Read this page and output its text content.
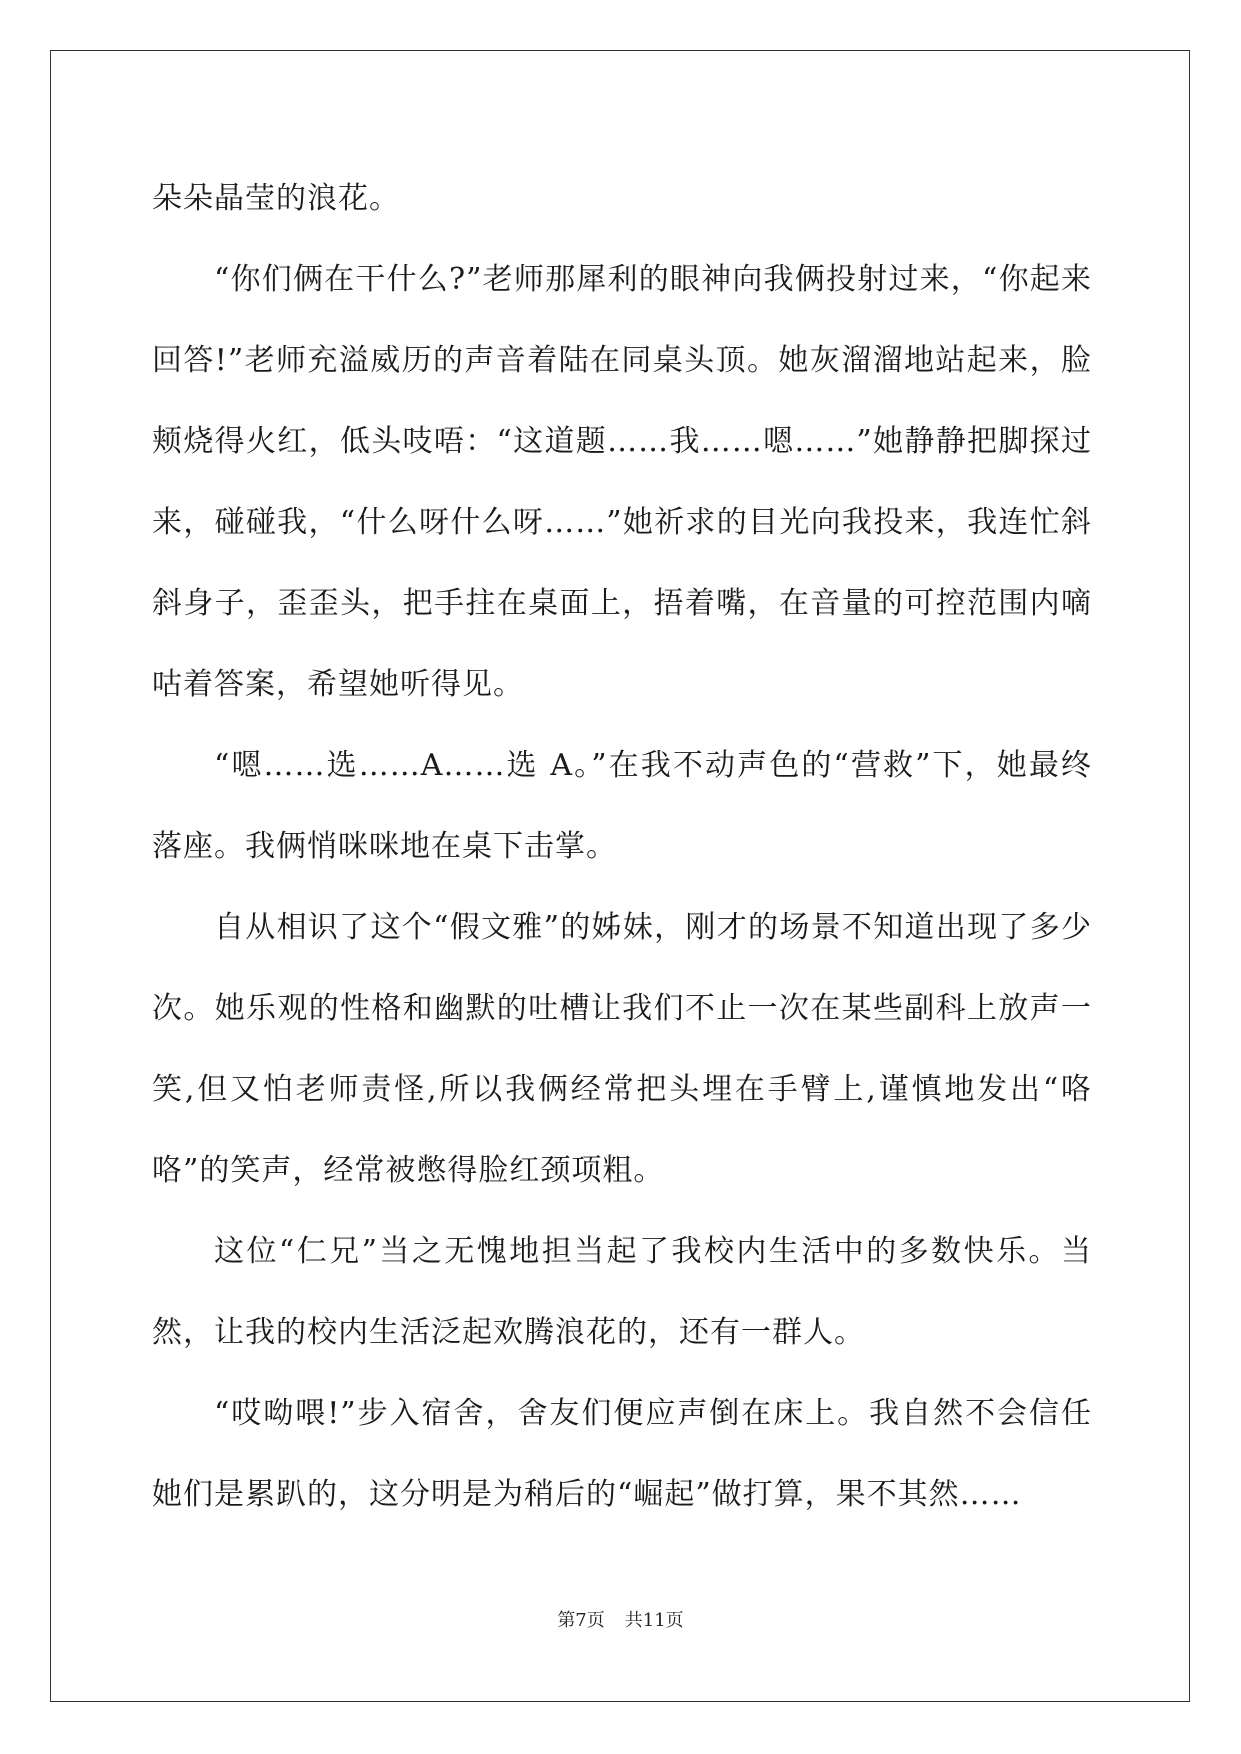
朵朵晶莹的浪花。

“你们俩在干什么?”老师那犀利的眼神向我俩投射过来，“你起来回答!”老师充溢威历的声音着陆在同桌头顶。她灰溜溜地站起来，脸颊烧得火红，低头吱唔：“这道题……我……嗯……”她静静把脚探过来，碰碰我，“什么呀什么呀……”她祈求的目光向我投来，我连忙斜斜身子，歪歪头，把手拄在桌面上，捂着嘴，在音量的可控范围内嘀咕着答案，希望她听得见。

“嗯……选……A……选 A。”在我不动声色的“营救”下，她最终落座。我俩悄咪咪地在桌下击掌。

自从相识了这个“假文雅”的姊妹，刚才的场景不知道出现了多少次。她乐观的性格和幽默的吐槽让我们不止一次在某些副科上放声一笑,但又怕老师责怪,所以我俩经常把头埋在手臂上,谨慎地发出“咯咯”的笑声，经常被憋得脸红颈项粗。

这位“仁兄”当之无愧地担当起了我校内生活中的多数快乐。当然，让我的校内生活泛起欢腾浪花的，还有一群人。

“哎呦喂!”步入宿舍，舍友们便应声倒在床上。我自然不会信任她们是累趴的，这分明是为稍后的“崛起”做打算，果不其然……

第7页 共11页
